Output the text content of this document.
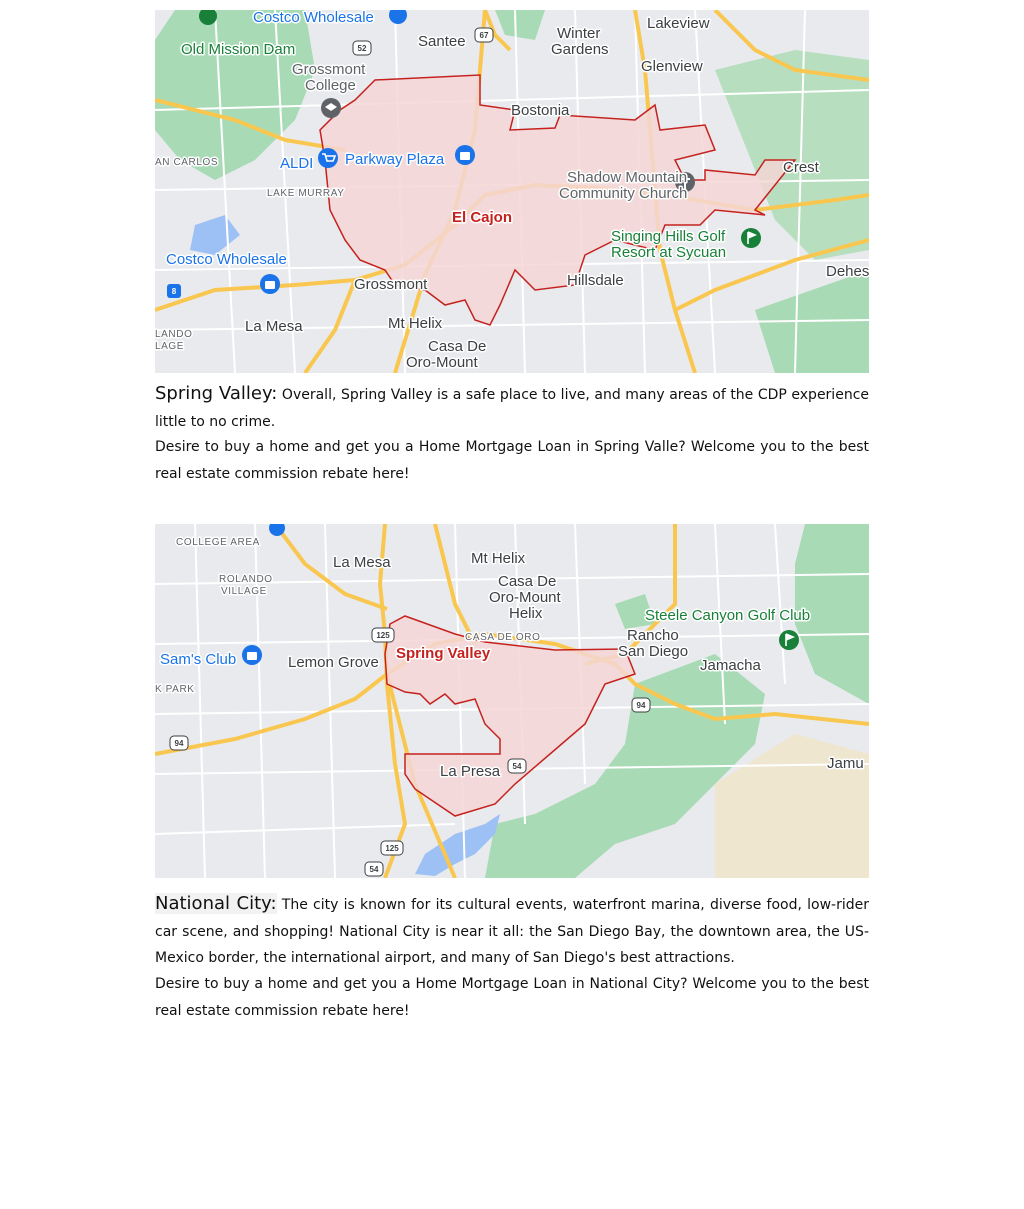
52
67
8
Costco Wholesale
Old Mission Dam	Santee	Winter
Gardens
Lakeview
Grossmont
College
Glenview
Bostonia
AN CARLOS	ALDI Parkway Plaza	Crest
Shadow Mountain
Community Church
LAKE MURRAY
El Cajon
Singing Hills Golf
Resort at Sycuan
Costco Wholesale
Dehes
Grossmont	Hillsdale
La Mesa
LANDO
LAGE
Mt Helix
Casa De
Oro-Mount

Spring Valley: Overall, Spring Valley is a safe place to live, and many areas of the CDP experience little to no crime.

Desire to buy a home and get you a Home Mortgage Loan in Spring Valle? Welcome you to the best real estate commission rebate here!

125
94
94
54
125
54
COLLEGE AREA
La Mesa	Mt Helix
Casa De
Oro-Mount
Helix
ROLANDO
VILLAGE
Steele Canyon Golf Club
Rancho
San Diego
CASA DE ORO
Sam's Club	Lemon Grove
Spring Valley
Jamacha
K PARK
La Presa	Jamu

National City: The city is known for its cultural events, waterfront marina, diverse food, low-rider car scene, and shopping! National City is near it all: the San Diego Bay, the downtown area, the US-Mexico border, the international airport, and many of San Diego's best attractions.

Desire to buy a home and get you a Home Mortgage Loan in National City? Welcome you to the best real estate commission rebate here!
